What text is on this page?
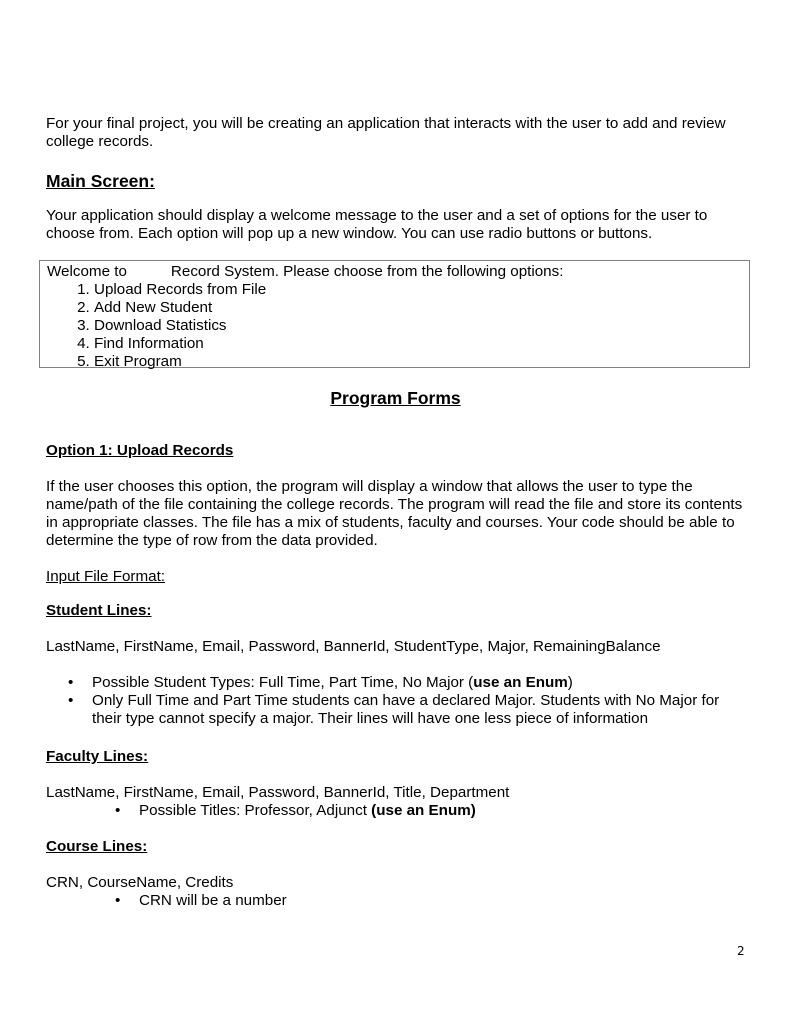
For your final project, you will be creating an application that interacts with the user to add and review college records.

Main Screen:

Your application should display a welcome message to the user and a set of options for the user to choose from. Each option will pop up a new window. You can use radio buttons or buttons.

Welcome to	Record System. Please choose from the following options:
1. Upload Records from File
2. Add New Student
3. Download Statistics
4. Find Information
5. Exit Program
Program Forms
Option 1: Upload Records

If the user chooses this option, the program will display a window that allows the user to type the name/path of the file containing the college records. The program will read the file and store its contents in appropriate classes. The file has a mix of students, faculty and courses. Your code should be able to determine the type of row from the data provided.

Input File Format:

Student Lines:

LastName, FirstName, Email, Password, BannerId, StudentType, Major, RemainingBalance

• Possible Student Types: Full Time, Part Time, No Major (use an Enum)
• Only Full Time and Part Time students can have a declared Major. Students with No Major for their type cannot specify a major. Their lines will have one less piece of information
Faculty Lines:

LastName, FirstName, Email, Password, BannerId, Title, Department

• Possible Titles: Professor, Adjunct (use an Enum)
Course Lines:

CRN, CourseName, Credits

• CRN will be a number
2
